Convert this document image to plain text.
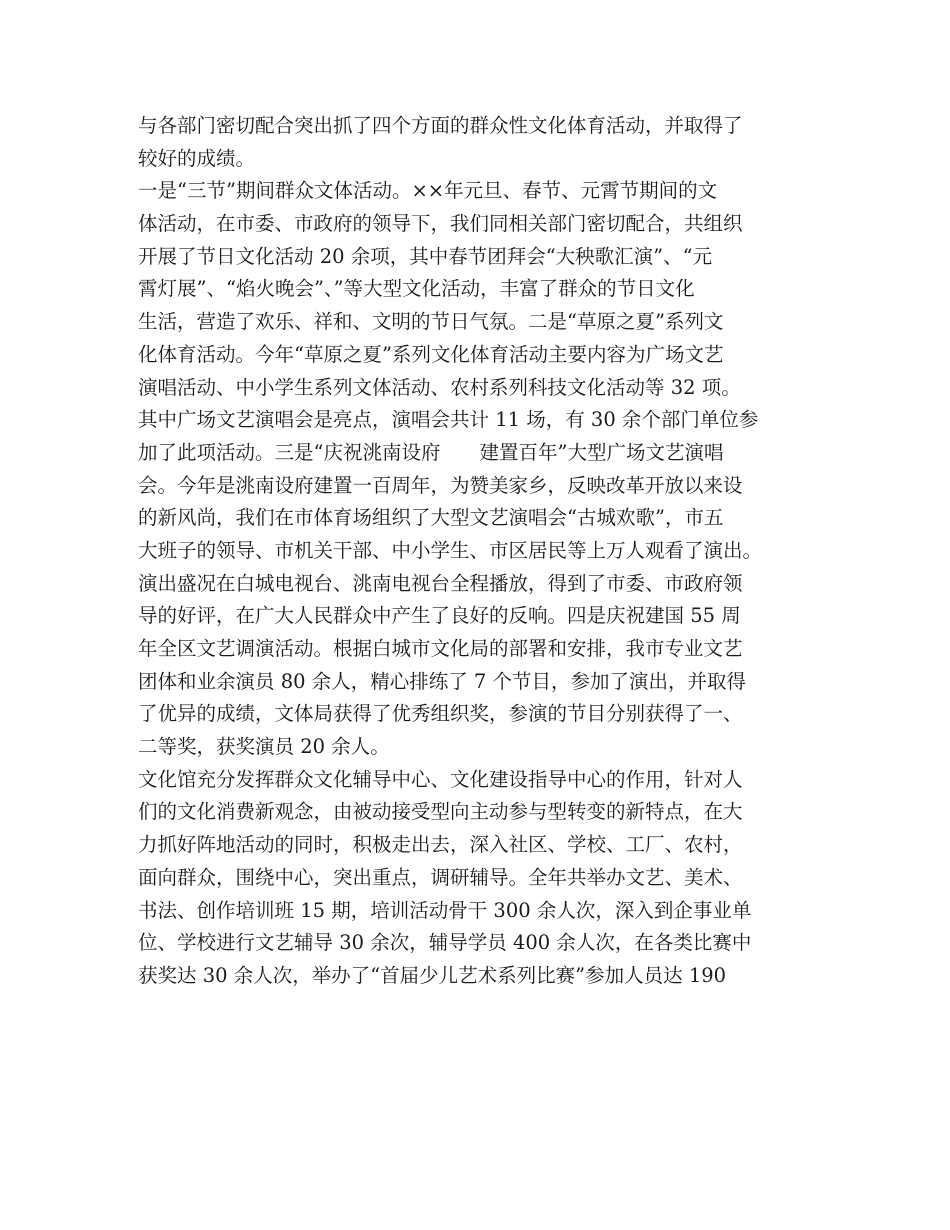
与各部门密切配合突出抓了四个方面的群众性文化体育活动，并取得了
较好的成绩。
一是“三节”期间群众文体活动。××年元旦、春节、元霄节期间的文
体活动，在市委、市政府的领导下，我们同相关部门密切配合，共组织
开展了节日文化活动 20 余项，其中春节团拜会“大秧歌汇演”、“元
霄灯展”、“焰火晚会”、”等大型文化活动，丰富了群众的节日文化
生活，营造了欢乐、祥和、文明的节日气氛。二是“草原之夏”系列文
化体育活动。今年“草原之夏”系列文化体育活动主要内容为广场文艺
演唱活动、中小学生系列文体活动、农村系列科技文化活动等 32 项。
其中广场文艺演唱会是亮点，演唱会共计 11 场，有 30 余个部门单位参
加了此项活动。三是“庆祝洮南设府　　建置百年”大型广场文艺演唱
会。今年是洮南设府建置一百周年，为赞美家乡，反映改革开放以来设
的新风尚，我们在市体育场组织了大型文艺演唱会“古城欢歌”，市五
大班子的领导、市机关干部、中小学生、市区居民等上万人观看了演出。
演出盛况在白城电视台、洮南电视台全程播放，得到了市委、市政府领
导的好评，在广大人民群众中产生了良好的反响。四是庆祝建国 55 周
年全区文艺调演活动。根据白城市文化局的部署和安排，我市专业文艺
团体和业余演员 80 余人，精心排练了 7 个节目，参加了演出，并取得
了优异的成绩，文体局获得了优秀组织奖，参演的节目分别获得了一、
二等奖，获奖演员 20 余人。
文化馆充分发挥群众文化辅导中心、文化建设指导中心的作用，针对人
们的文化消费新观念，由被动接受型向主动参与型转变的新特点，在大
力抓好阵地活动的同时，积极走出去，深入社区、学校、工厂、农村，
面向群众，围绕中心，突出重点，调研辅导。全年共举办文艺、美术、
书法、创作培训班 15 期，培训活动骨干 300 余人次，深入到企事业单
位、学校进行文艺辅导 30 余次，辅导学员 400 余人次，在各类比赛中
获奖达 30 余人次，举办了“首届少儿艺术系列比赛”参加人员达 190
